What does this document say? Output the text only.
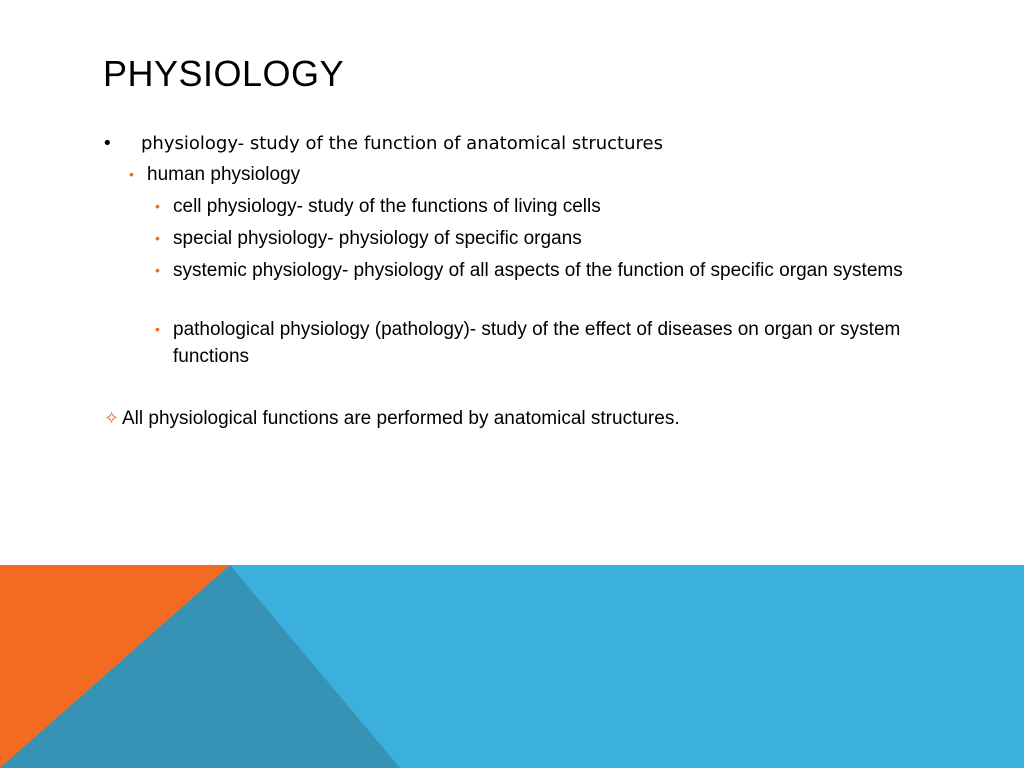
PHYSIOLOGY
•	physiology- study of the function of anatomical structures
• human physiology
• cell physiology- study of the functions of living cells
• special physiology- physiology of specific organs
• systemic physiology- physiology of all aspects of the function of specific organ systems
• pathological physiology (pathology)- study of the effect of diseases on organ or system functions
✧ All physiological functions are performed by anatomical structures.
